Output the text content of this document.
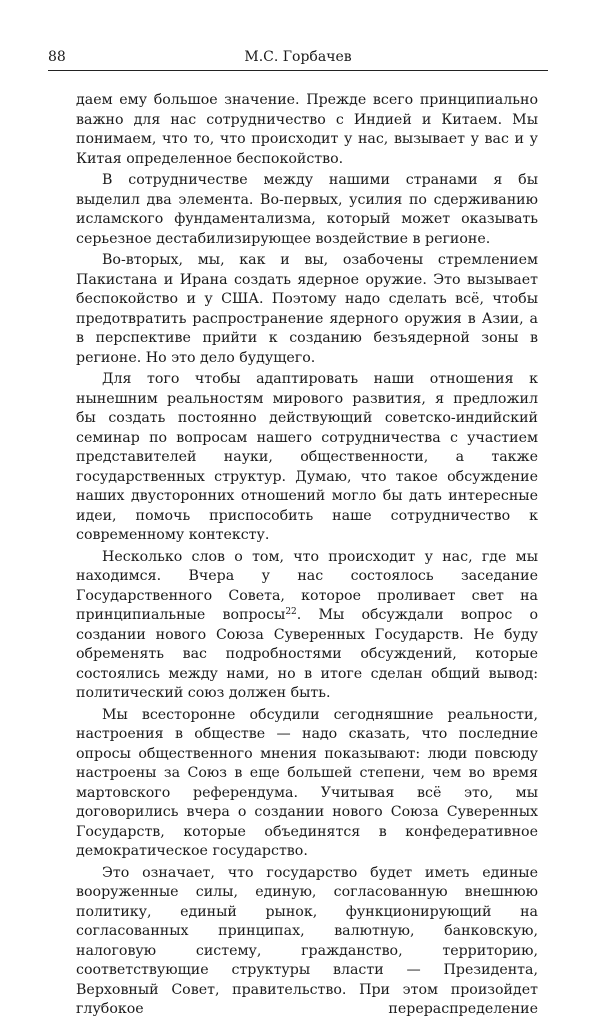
88	М.С. Горбачев

даем ему большое значение. Прежде всего принципиально важно для нас сотрудничество с Индией и Китаем. Мы понимаем, что то, что происходит у нас, вызывает у вас и у Китая определенное беспокойство.

В сотрудничестве между нашими странами я бы выделил два элемента. Во-первых, усилия по сдерживанию исламского фундаментализма, который может оказывать серьезное дестабилизирующее воздействие в регионе.

Во-вторых, мы, как и вы, озабочены стремлением Пакистана и Ирана создать ядерное оружие. Это вызывает беспокойство и у США. Поэтому надо сделать всё, чтобы предотвратить распространение ядерного оружия в Азии, а в перспективе прийти к созданию безъядерной зоны в регионе. Но это дело будущего.

Для того чтобы адаптировать наши отношения к нынешним реальностям мирового развития, я предложил бы создать постоянно действующий советско-индийский семинар по вопросам нашего сотрудничества с участием представителей науки, общественности, а также государственных структур. Думаю, что такое обсуждение наших двусторонних отношений могло бы дать интересные идеи, помочь приспособить наше сотрудничество к современному контексту.

Несколько слов о том, что происходит у нас, где мы находимся. Вчера у нас состоялось заседание Государственного Совета, которое проливает свет на принципиальные вопросы$^{22}$. Мы обсуждали вопрос о создании нового Союза Суверенных Государств. Не буду обременять вас подробностями обсуждений, которые состоялись между нами, но в итоге сделан общий вывод: политический союз должен быть.

Мы всесторонне обсудили сегодняшние реальности, настроения в обществе — надо сказать, что последние опросы общественного мнения показывают: люди повсюду настроены за Союз в еще большей степени, чем во время мартовского референдума. Учитывая всё это, мы договорились вчера о создании нового Союза Суверенных Государств, которые объединятся в конфедеративное демократическое государство.

Это означает, что государство будет иметь единые вооруженные силы, единую, согласованную внешнюю политику, единый рынок, функционирующий на согласованных принципах, валютную, банковскую, налоговую систему, гражданство, территорию, соответствующие структуры власти — Президента, Верховный Совет, правительство. При этом произойдет глубокое перераспределение
